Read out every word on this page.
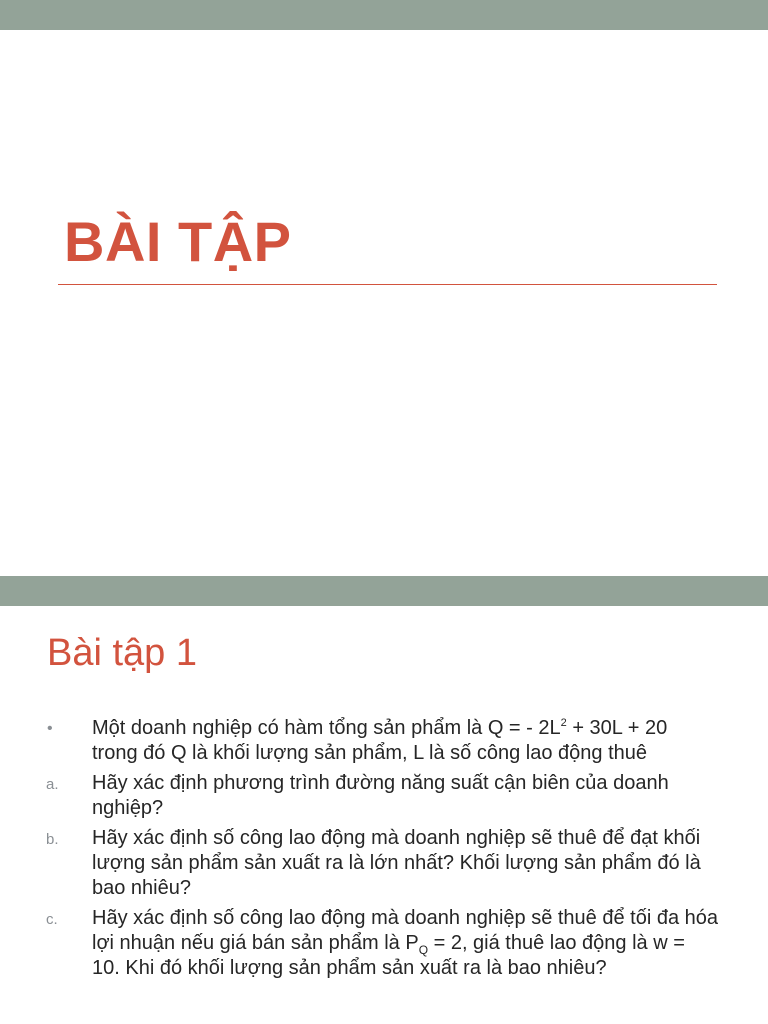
BÀI TẬP
Bài tập 1
• Một doanh nghiệp có hàm tổng sản phẩm là Q = - $2L^2 + 30L + 20$ trong đó Q là khối lượng sản phẩm, L là số công lao động thuê
a. Hãy xác định phương trình đường năng suất cận biên của doanh nghiệp?
b. Hãy xác định số công lao động mà doanh nghiệp sẽ thuê để đạt khối lượng sản phẩm sản xuất ra là lớn nhất? Khối lượng sản phẩm đó là bao nhiêu?
c. Hãy xác định số công lao động mà doanh nghiệp sẽ thuê để tối đa hóa lợi nhuận nếu giá bán sản phẩm là $P_Q = 2$, giá thuê lao động là w = 10. Khi đó khối lượng sản phẩm sản xuất ra là bao nhiêu?
